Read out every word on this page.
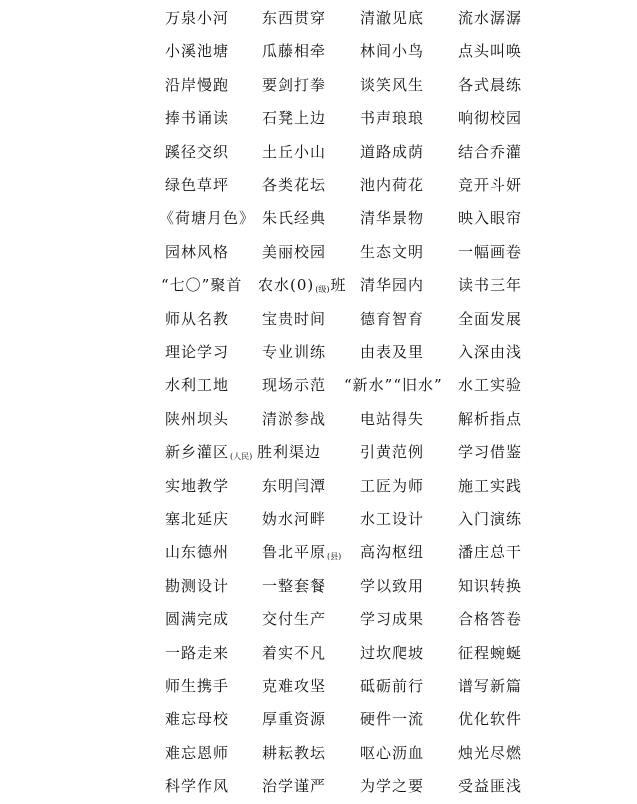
万泉小河 东西贯穿 清澈见底 流水潺潺
小溪池塘 瓜藤相牵 林间小鸟 点头叫唤
沿岸慢跑 要剑打拳 谈笑风生 各式晨练
捧书诵读 石凳上边 书声琅琅 响彻校园
蹊径交织 土丘小山 道路成荫 结合乔灌
绿色草坪 各类花坛 池内荷花 竞开斗妍
《荷塘月色》 朱氏经典 清华景物 映入眼帘
园林风格 美丽校园 生态文明 一幅画卷
“七〇”聚首 农水$(0)_{(级)}$班 清华园内 读书三年
师从名教 宝贵时间 德育智育 全面发展
理论学习 专业训练 由表及里 入深由浅
水利工地 现场示范 “新水”“旧水” 水工实验
陕州坝头 清淤参战 电站得失 解析指点
新乡灌区$_{(人民)}$ 胜利渠边	引黄范例 学习借鉴
实地教学 东明闫潭 工匠为师 施工实践
塞北延庆 妫水河畔 水工设计 入门演练
山东德州 鲁北平原$_{(县)}$ 高沟枢纽 潘庄总干
勘测设计 一整套餐 学以致用 知识转换
圆满完成 交付生产 学习成果 合格答卷
一路走来 着实不凡 过坎爬坡 征程蜿蜒
师生携手 克难攻坚 砥砺前行 谱写新篇
难忘母校 厚重资源 硬件一流 优化软件
难忘恩师 耕耘教坛 呕心沥血 烛光尽燃
科学作风 治学谨严 为学之要 受益匪浅
